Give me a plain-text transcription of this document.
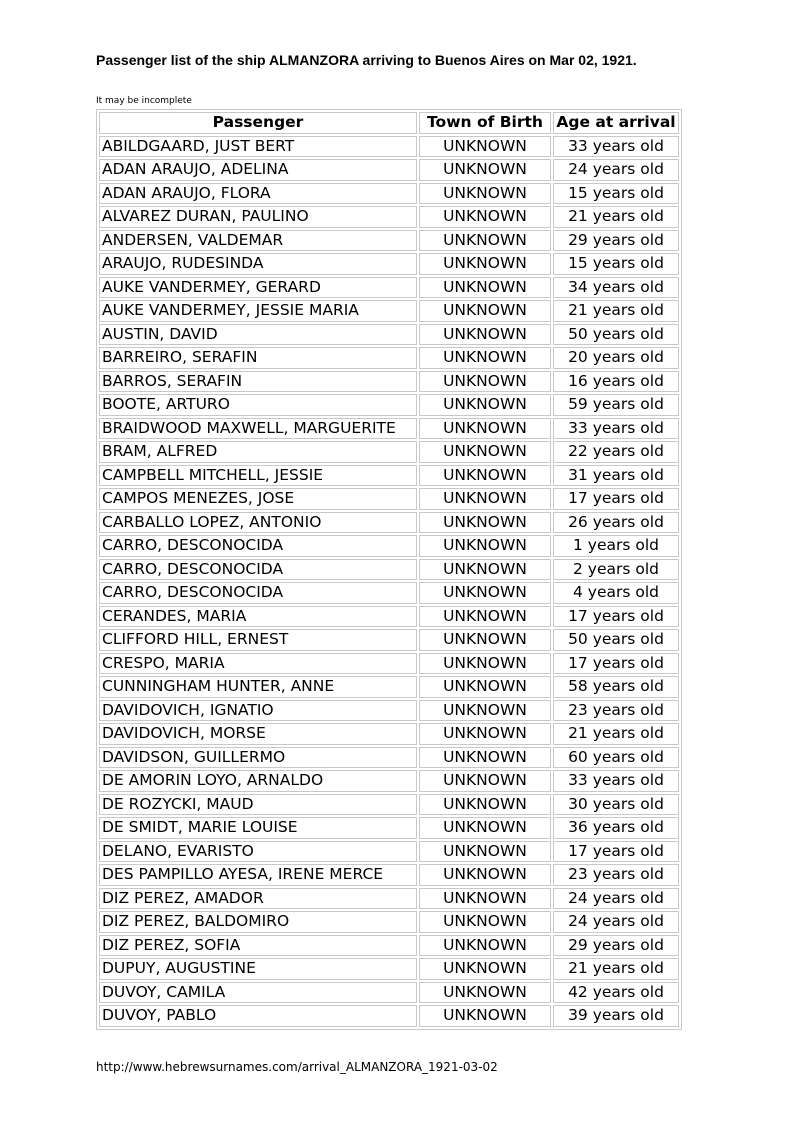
Passenger list of the ship ALMANZORA arriving to Buenos Aires on Mar 02, 1921.
It may be incomplete
Passenger	Town of Birth	Age at arrival
ABILDGAARD, JUST BERT	UNKNOWN	33 years old
ADAN ARAUJO, ADELINA	UNKNOWN	24 years old
ADAN ARAUJO, FLORA	UNKNOWN	15 years old
ALVAREZ DURAN, PAULINO	UNKNOWN	21 years old
ANDERSEN, VALDEMAR	UNKNOWN	29 years old
ARAUJO, RUDESINDA	UNKNOWN	15 years old
AUKE VANDERMEY, GERARD	UNKNOWN	34 years old
AUKE VANDERMEY, JESSIE MARIA	UNKNOWN	21 years old
AUSTIN, DAVID	UNKNOWN	50 years old
BARREIRO, SERAFIN	UNKNOWN	20 years old
BARROS, SERAFIN	UNKNOWN	16 years old
BOOTE, ARTURO	UNKNOWN	59 years old
BRAIDWOOD MAXWELL, MARGUERITE	UNKNOWN	33 years old
BRAM, ALFRED	UNKNOWN	22 years old
CAMPBELL MITCHELL, JESSIE	UNKNOWN	31 years old
CAMPOS MENEZES, JOSE	UNKNOWN	17 years old
CARBALLO LOPEZ, ANTONIO	UNKNOWN	26 years old
CARRO, DESCONOCIDA	UNKNOWN	1 years old
CARRO, DESCONOCIDA	UNKNOWN	2 years old
CARRO, DESCONOCIDA	UNKNOWN	4 years old
CERANDES, MARIA	UNKNOWN	17 years old
CLIFFORD HILL, ERNEST	UNKNOWN	50 years old
CRESPO, MARIA	UNKNOWN	17 years old
CUNNINGHAM HUNTER, ANNE	UNKNOWN	58 years old
DAVIDOVICH, IGNATIO	UNKNOWN	23 years old
DAVIDOVICH, MORSE	UNKNOWN	21 years old
DAVIDSON, GUILLERMO	UNKNOWN	60 years old
DE AMORIN LOYO, ARNALDO	UNKNOWN	33 years old
DE ROZYCKI, MAUD	UNKNOWN	30 years old
DE SMIDT, MARIE LOUISE	UNKNOWN	36 years old
DELANO, EVARISTO	UNKNOWN	17 years old
DES PAMPILLO AYESA, IRENE MERCE	UNKNOWN	23 years old
DIZ PEREZ, AMADOR	UNKNOWN	24 years old
DIZ PEREZ, BALDOMIRO	UNKNOWN	24 years old
DIZ PEREZ, SOFIA	UNKNOWN	29 years old
DUPUY, AUGUSTINE	UNKNOWN	21 years old
DUVOY, CAMILA	UNKNOWN	42 years old
DUVOY, PABLO	UNKNOWN	39 years old
http://www.hebrewsurnames.com/arrival_ALMANZORA_1921-03-02
